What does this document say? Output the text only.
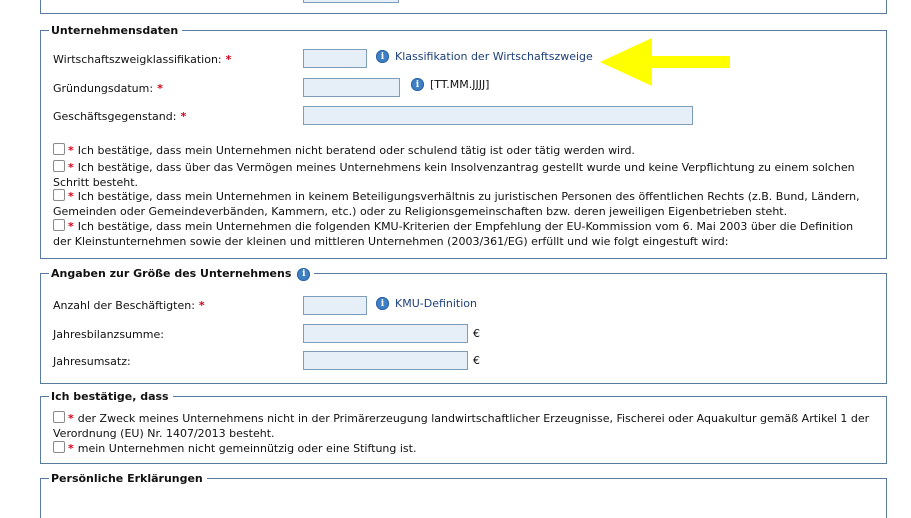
Unternehmensdaten
Wirtschaftszweigklassifikation: *	i Klassifikation der Wirtschaftszweige
Gründungsdatum: *	i [TT.MM.JJJJ]
Geschäftsgegenstand: *
* Ich bestätige, dass mein Unternehmen nicht beratend oder schulend tätig ist oder tätig werden wird.
* Ich bestätige, dass über das Vermögen meines Unternehmens kein Insolvenzantrag gestellt wurde und keine Verpflichtung zu einem solchen Schritt besteht.
* Ich bestätige, dass mein Unternehmen in keinem Beteiligungsverhältnis zu juristischen Personen des öffentlichen Rechts (z.B. Bund, Ländern, Gemeinden oder Gemeindeverbänden, Kammern, etc.) oder zu Religionsgemeinschaften bzw. deren jeweiligen Eigenbetrieben steht.
* Ich bestätige, dass mein Unternehmen die folgenden KMU-Kriterien der Empfehlung der EU-Kommission vom 6. Mai 2003 über die Definition der Kleinstunternehmen sowie der kleinen und mittleren Unternehmen (2003/361/EG) erfüllt und wie folgt eingestuft wird:
Angaben zur Größe des Unternehmens	i
Anzahl der Beschäftigten: *	i KMU-Definition
Jahresbilanzsumme:	€
Jahresumsatz:	€
Ich bestätige, dass
* der Zweck meines Unternehmens nicht in der Primärerzeugung landwirtschaftlicher Erzeugnisse, Fischerei oder Aquakultur gemäß Artikel 1 der Verordnung (EU) Nr. 1407/2013 besteht.
* mein Unternehmen nicht gemeinnützig oder eine Stiftung ist.
Persönliche Erklärungen
